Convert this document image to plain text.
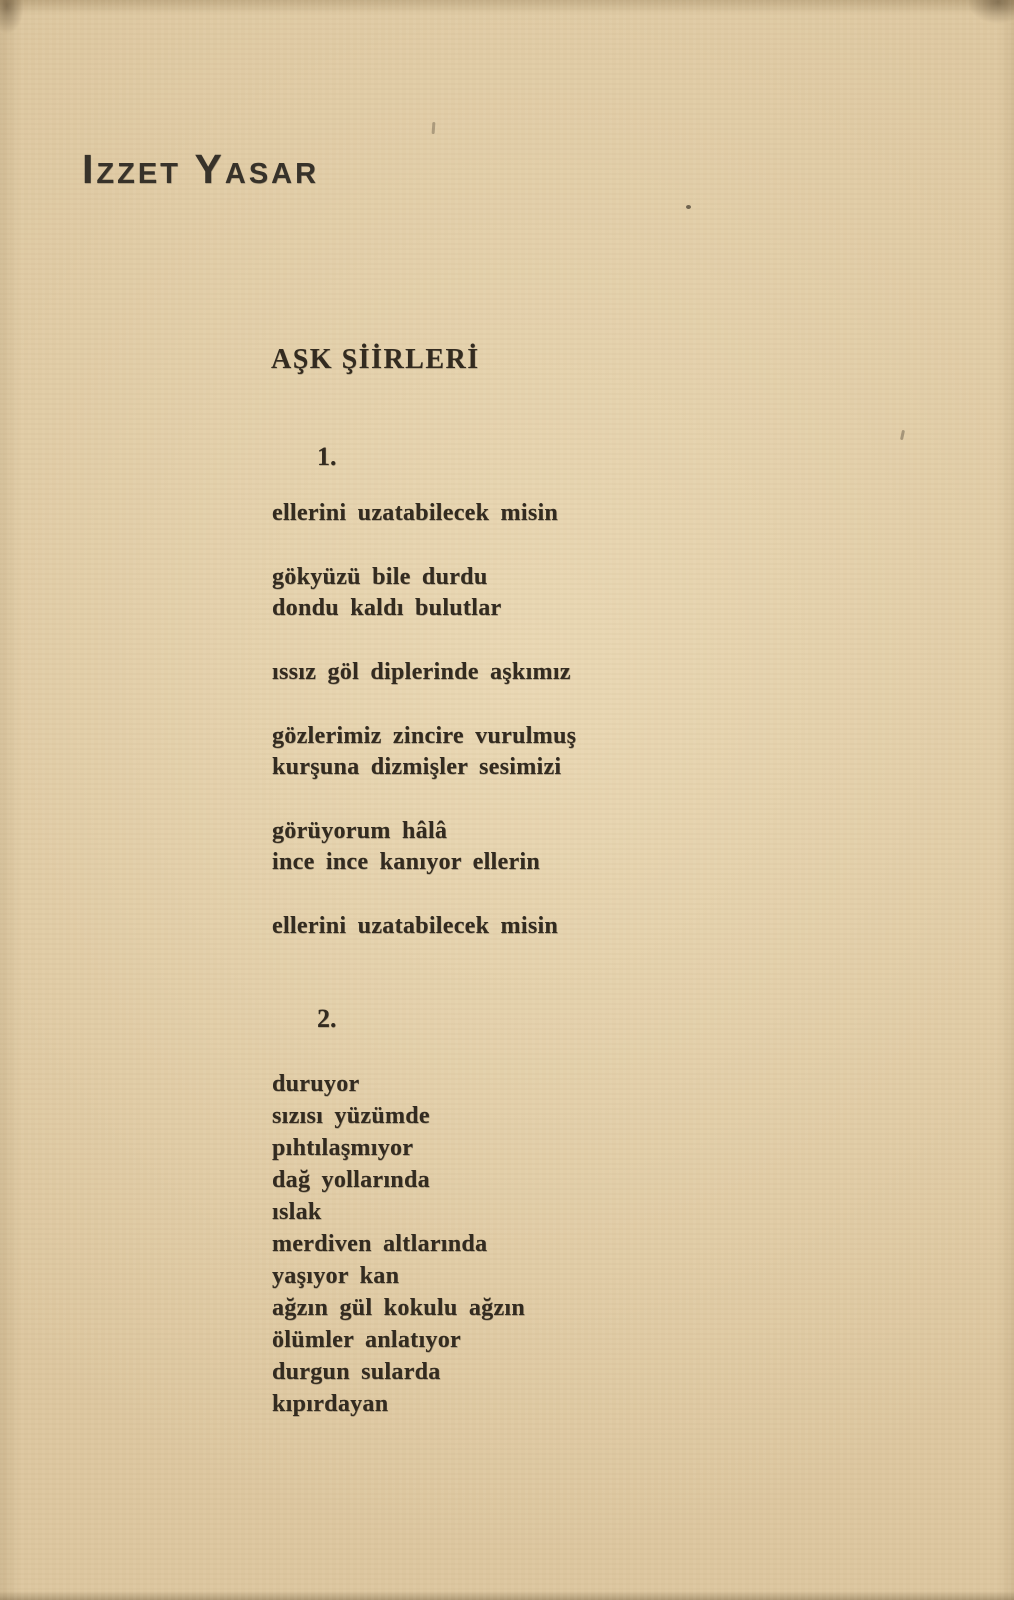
Izzet Yasar
AŞK ŞİİRLERİ
1.
ellerini uzatabilecek misin
gökyüzü bile durdu
dondu kaldı bulutlar
ıssız göl diplerinde aşkımız
gözlerimiz zincire vurulmuş
kurşuna dizmişler sesimizi
görüyorum hâlâ
ince ince kanıyor ellerin
ellerini uzatabilecek misin
2.
duruyor
sızısı yüzümde
pıhtılaşmıyor
dağ yollarında
ıslak
merdiven altlarında
yaşıyor kan
ağzın gül kokulu ağzın
ölümler anlatıyor
durgun sularda
kıpırdayan
